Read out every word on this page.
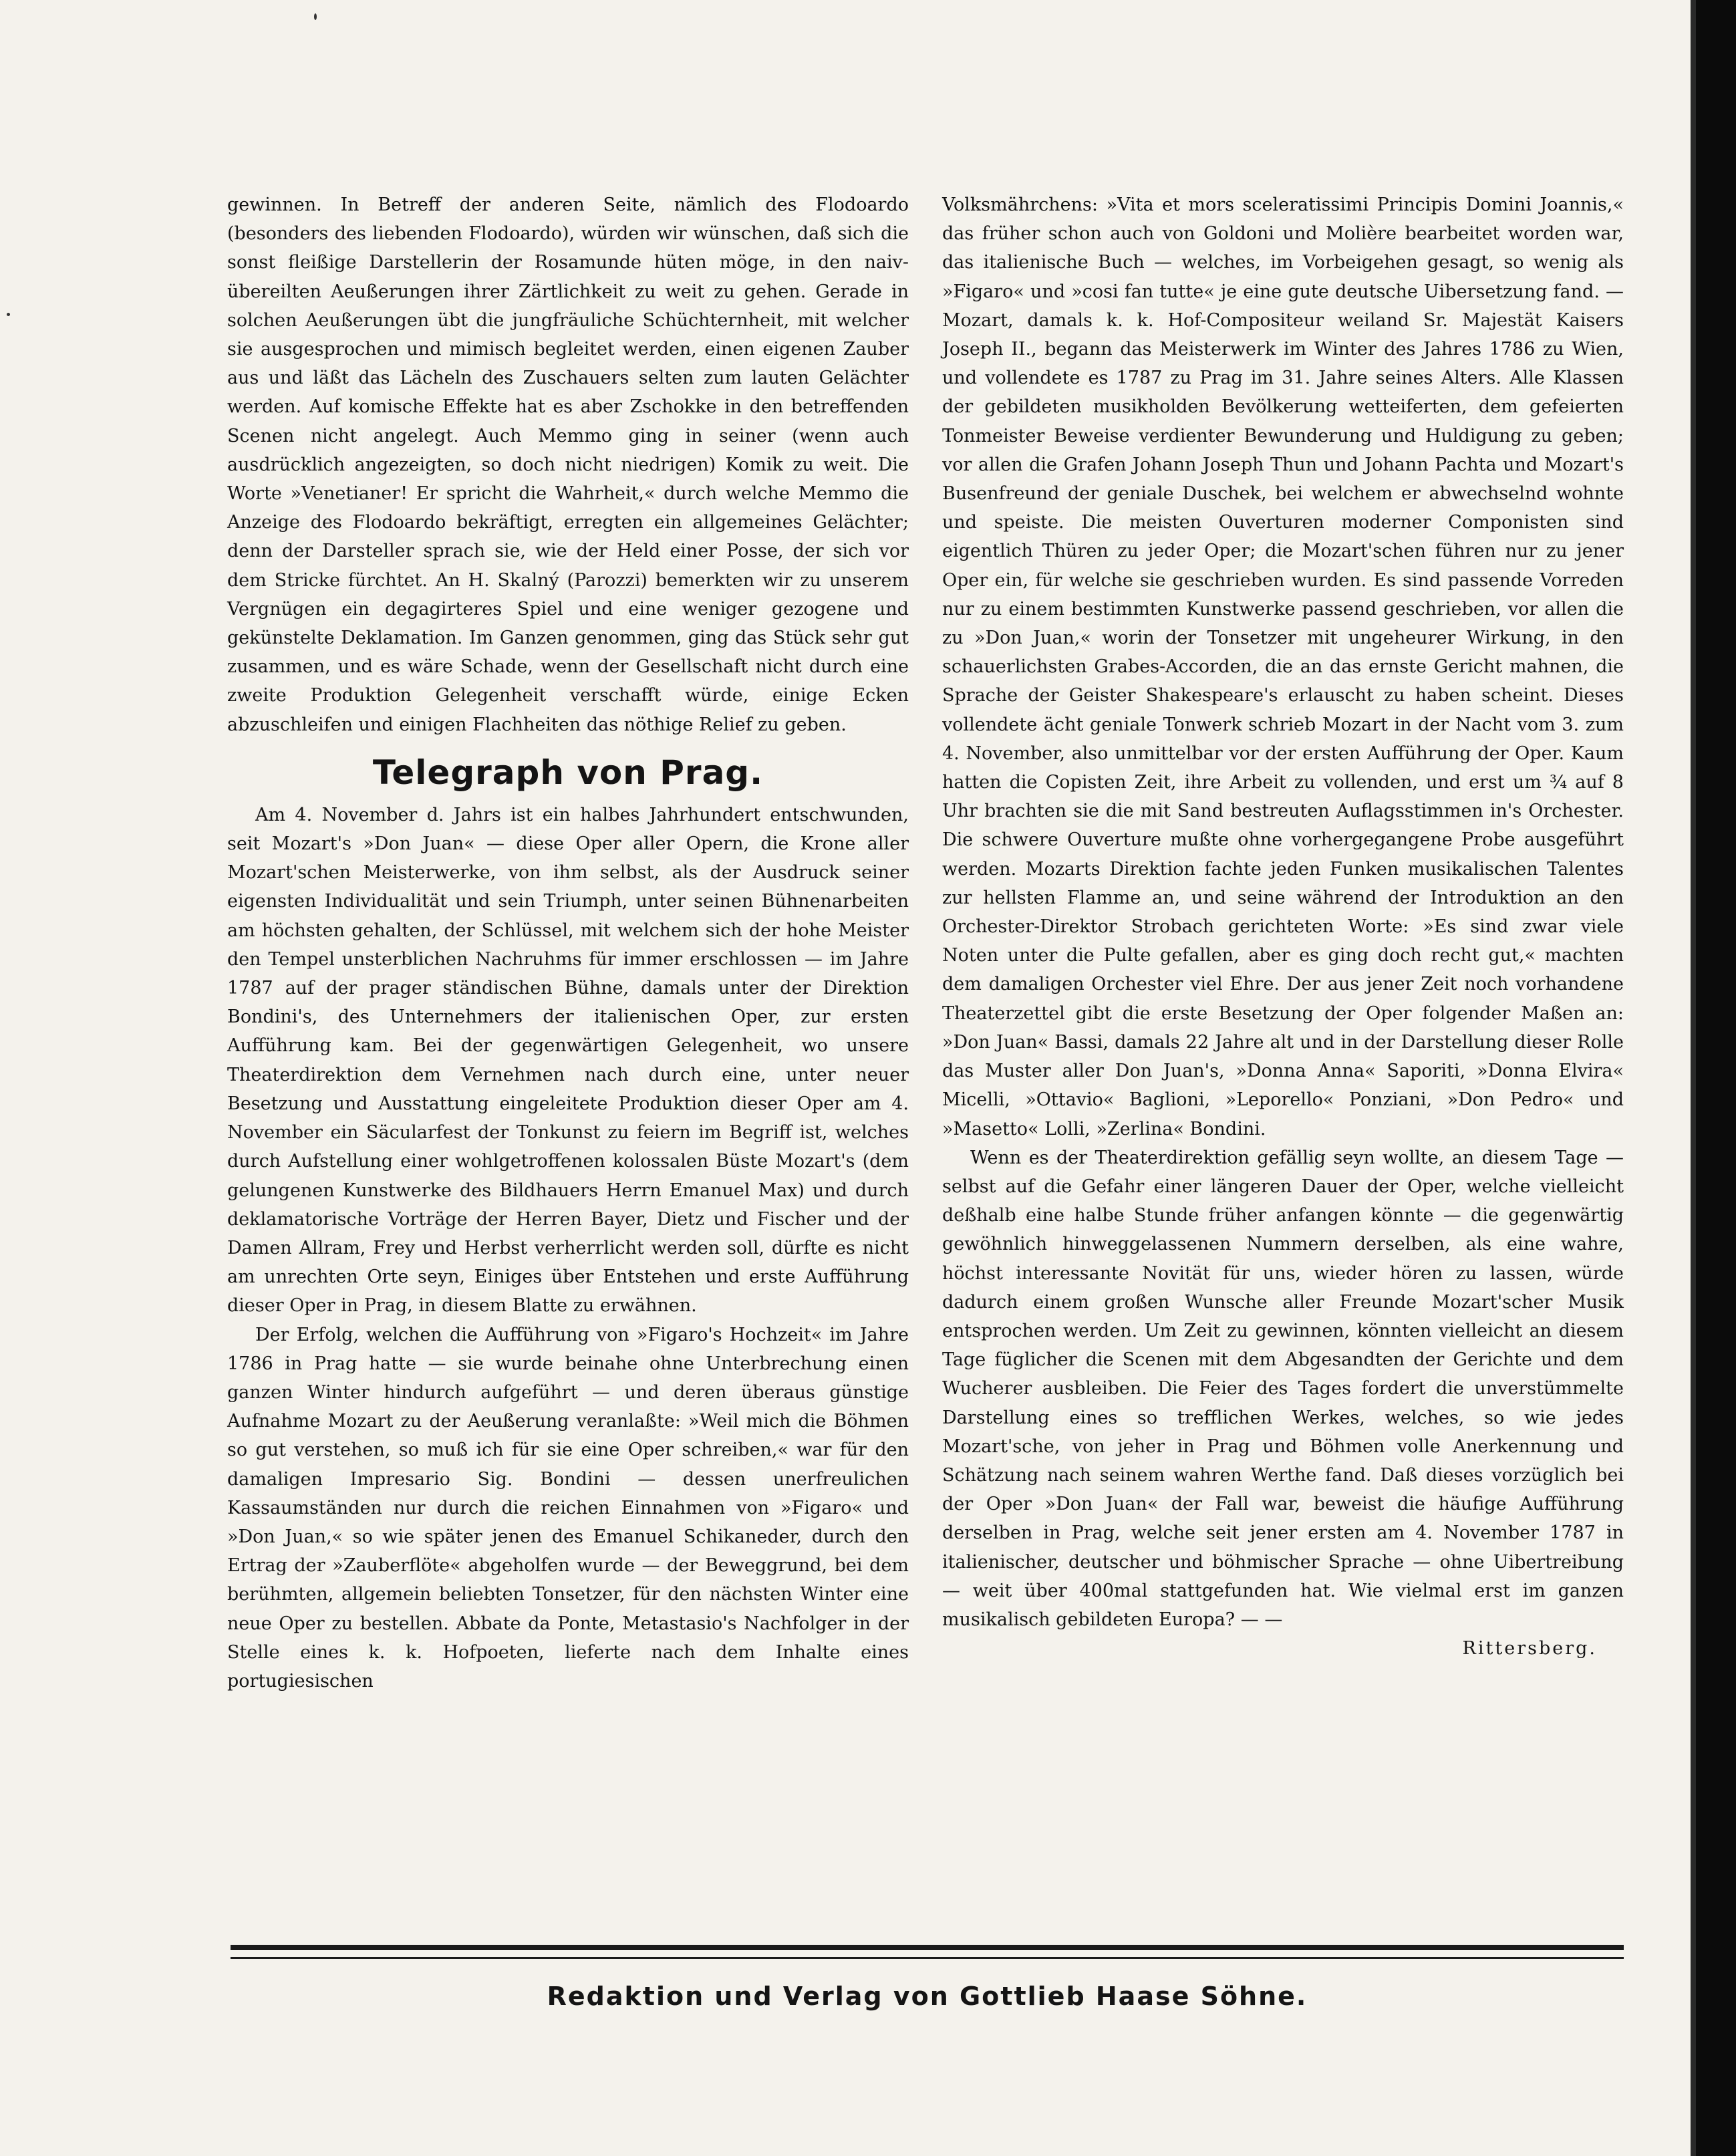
gewinnen. In Betreff der anderen Seite, nämlich des Flodoardo (besonders des liebenden Flodoardo), würden wir wünschen, daß sich die sonst fleißige Darstellerin der Rosamunde hüten möge, in den naiv-übereilten Aeußerungen ihrer Zärtlichkeit zu weit zu gehen. Gerade in solchen Aeußerungen übt die jungfräuliche Schüchternheit, mit welcher sie ausgesprochen und mimisch begleitet werden, einen eigenen Zauber aus und läßt das Lächeln des Zuschauers selten zum lauten Gelächter werden. Auf komische Effekte hat es aber Zschokke in den betreffenden Scenen nicht angelegt. Auch Memmo ging in seiner (wenn auch ausdrücklich angezeigten, so doch nicht niedrigen) Komik zu weit. Die Worte »Venetianer! Er spricht die Wahrheit,« durch welche Memmo die Anzeige des Flodoardo bekräftigt, erregten ein allgemeines Gelächter; denn der Darsteller sprach sie, wie der Held einer Posse, der sich vor dem Stricke fürchtet. An H. Skalný (Parozzi) bemerkten wir zu unserem Vergnügen ein degagirteres Spiel und eine weniger gezogene und gekünstelte Deklamation. Im Ganzen genommen, ging das Stück sehr gut zusammen, und es wäre Schade, wenn der Gesellschaft nicht durch eine zweite Produktion Gelegenheit verschafft würde, einige Ecken abzuschleifen und einigen Flachheiten das nöthige Relief zu geben.

Telegraph von Prag.

Am 4. November d. Jahrs ist ein halbes Jahrhundert entschwunden, seit Mozart's »Don Juan« — diese Oper aller Opern, die Krone aller Mozart'schen Meisterwerke, von ihm selbst, als der Ausdruck seiner eigensten Individualität und sein Triumph, unter seinen Bühnenarbeiten am höchsten gehalten, der Schlüssel, mit welchem sich der hohe Meister den Tempel unsterblichen Nachruhms für immer erschlossen — im Jahre 1787 auf der prager ständischen Bühne, damals unter der Direktion Bondini's, des Unternehmers der italienischen Oper, zur ersten Aufführung kam. Bei der gegenwärtigen Gelegenheit, wo unsere Theaterdirektion dem Vernehmen nach durch eine, unter neuer Besetzung und Ausstattung eingeleitete Produktion dieser Oper am 4. November ein Säcularfest der Tonkunst zu feiern im Begriff ist, welches durch Aufstellung einer wohlgetroffenen kolossalen Büste Mozart's (dem gelungenen Kunstwerke des Bildhauers Herrn Emanuel Max) und durch deklamatorische Vorträge der Herren Bayer, Dietz und Fischer und der Damen Allram, Frey und Herbst verherrlicht werden soll, dürfte es nicht am unrechten Orte seyn, Einiges über Entstehen und erste Aufführung dieser Oper in Prag, in diesem Blatte zu erwähnen.

Der Erfolg, welchen die Aufführung von »Figaro's Hochzeit« im Jahre 1786 in Prag hatte — sie wurde beinahe ohne Unterbrechung einen ganzen Winter hindurch aufgeführt — und deren überaus günstige Aufnahme Mozart zu der Aeußerung veranlaßte: »Weil mich die Böhmen so gut verstehen, so muß ich für sie eine Oper schreiben,« war für den damaligen Impresario Sig. Bondini — dessen unerfreulichen Kassaumständen nur durch die reichen Einnahmen von »Figaro« und »Don Juan,« so wie später jenen des Emanuel Schikaneder, durch den Ertrag der »Zauberflöte« abgeholfen wurde — der Beweggrund, bei dem berühmten, allgemein beliebten Tonsetzer, für den nächsten Winter eine neue Oper zu bestellen. Abbate da Ponte, Metastasio's Nachfolger in der Stelle eines k. k. Hofpoeten, lieferte nach dem Inhalte eines portugiesischen

Volksmährchens: »Vita et mors sceleratissimi Principis Domini Joannis,« das früher schon auch von Goldoni und Molière bearbeitet worden war, das italienische Buch — welches, im Vorbeigehen gesagt, so wenig als »Figaro« und »cosi fan tutte« je eine gute deutsche Uibersetzung fand. — Mozart, damals k. k. Hof-Compositeur weiland Sr. Majestät Kaisers Joseph II., begann das Meisterwerk im Winter des Jahres 1786 zu Wien, und vollendete es 1787 zu Prag im 31. Jahre seines Alters. Alle Klassen der gebildeten musikholden Bevölkerung wetteiferten, dem gefeierten Tonmeister Beweise verdienter Bewunderung und Huldigung zu geben; vor allen die Grafen Johann Joseph Thun und Johann Pachta und Mozart's Busenfreund der geniale Duschek, bei welchem er abwechselnd wohnte und speiste. Die meisten Ouverturen moderner Componisten sind eigentlich Thüren zu jeder Oper; die Mozart'schen führen nur zu jener Oper ein, für welche sie geschrieben wurden. Es sind passende Vorreden nur zu einem bestimmten Kunstwerke passend geschrieben, vor allen die zu »Don Juan,« worin der Tonsetzer mit ungeheurer Wirkung, in den schauerlichsten Grabes-Accorden, die an das ernste Gericht mahnen, die Sprache der Geister Shakespeare's erlauscht zu haben scheint. Dieses vollendete ächt geniale Tonwerk schrieb Mozart in der Nacht vom 3. zum 4. November, also unmittelbar vor der ersten Aufführung der Oper. Kaum hatten die Copisten Zeit, ihre Arbeit zu vollenden, und erst um ¾ auf 8 Uhr brachten sie die mit Sand bestreuten Auflagsstimmen in's Orchester. Die schwere Ouverture mußte ohne vorhergegangene Probe ausgeführt werden. Mozarts Direktion fachte jeden Funken musikalischen Talentes zur hellsten Flamme an, und seine während der Introduktion an den Orchester-Direktor Strobach gerichteten Worte: »Es sind zwar viele Noten unter die Pulte gefallen, aber es ging doch recht gut,« machten dem damaligen Orchester viel Ehre. Der aus jener Zeit noch vorhandene Theaterzettel gibt die erste Besetzung der Oper folgender Maßen an: »Don Juan« Bassi, damals 22 Jahre alt und in der Darstellung dieser Rolle das Muster aller Don Juan's, »Donna Anna« Saporiti, »Donna Elvira« Micelli, »Ottavio« Baglioni, »Leporello« Ponziani, »Don Pedro« und »Masetto« Lolli, »Zerlina« Bondini.

Wenn es der Theaterdirektion gefällig seyn wollte, an diesem Tage — selbst auf die Gefahr einer längeren Dauer der Oper, welche vielleicht deßhalb eine halbe Stunde früher anfangen könnte — die gegenwärtig gewöhnlich hinweggelassenen Nummern derselben, als eine wahre, höchst interessante Novität für uns, wieder hören zu lassen, würde dadurch einem großen Wunsche aller Freunde Mozart'scher Musik entsprochen werden. Um Zeit zu gewinnen, könnten vielleicht an diesem Tage füglicher die Scenen mit dem Abgesandten der Gerichte und dem Wucherer ausbleiben. Die Feier des Tages fordert die unverstümmelte Darstellung eines so trefflichen Werkes, welches, so wie jedes Mozart'sche, von jeher in Prag und Böhmen volle Anerkennung und Schätzung nach seinem wahren Werthe fand. Daß dieses vorzüglich bei der Oper »Don Juan« der Fall war, beweist die häufige Aufführung derselben in Prag, welche seit jener ersten am 4. November 1787 in italienischer, deutscher und böhmischer Sprache — ohne Uibertreibung — weit über 400mal stattgefunden hat. Wie vielmal erst im ganzen musikalisch gebildeten Europa? — —

Rittersberg.
Redaktion und Verlag von Gottlieb Haase Söhne.
